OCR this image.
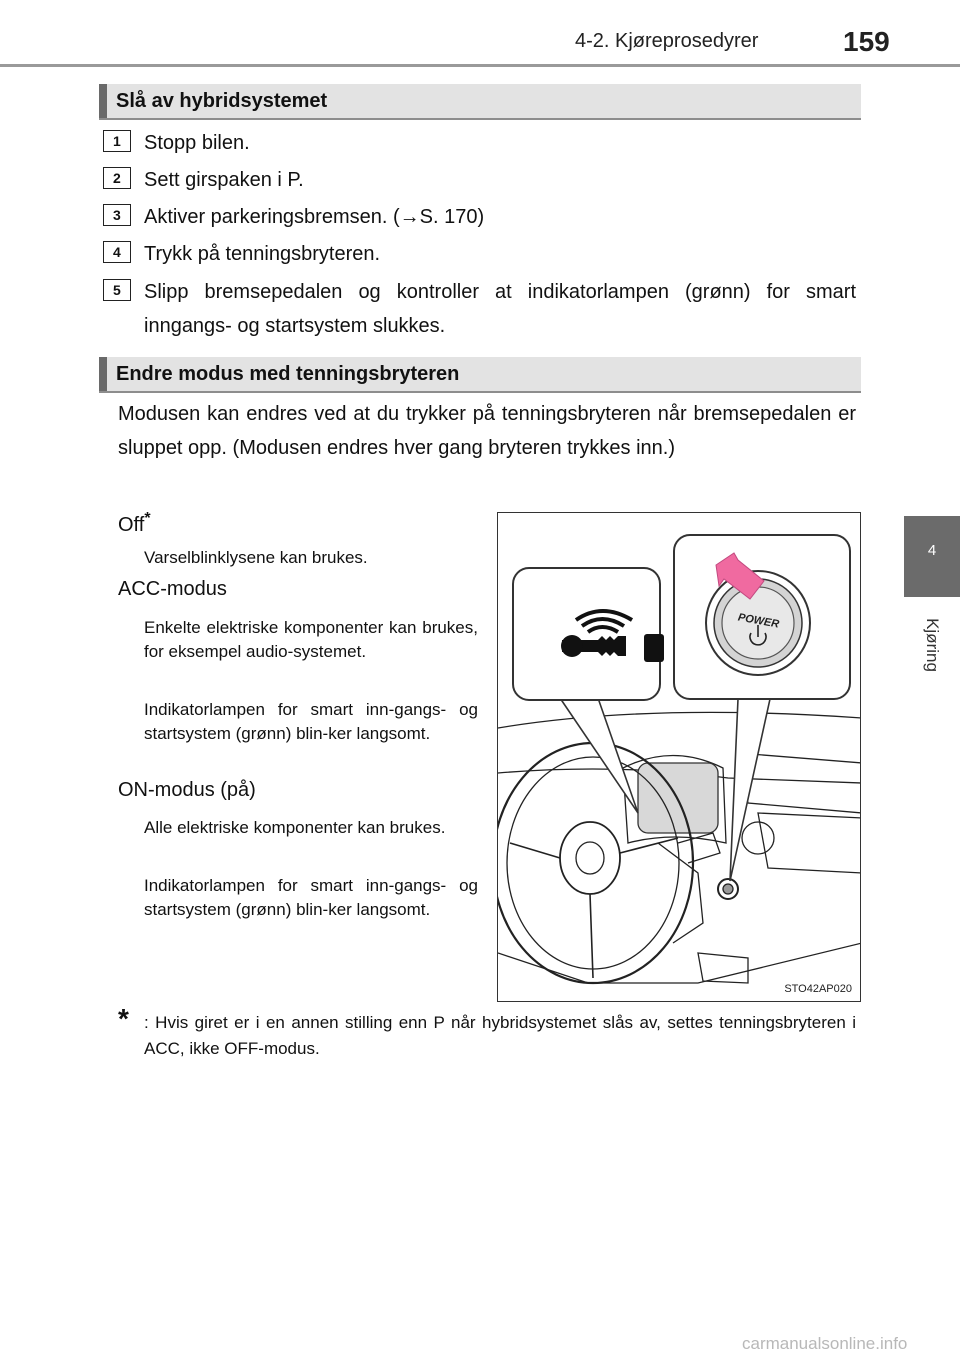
4-2. Kjøreprosedyrer	159
4
Kjøring
Slå av hybridsystemet
1	Stopp bilen.
2	Sett girspaken i P.
3	Aktiver parkeringsbremsen. (→S. 170)
4	Trykk på tenningsbryteren.
5	Slipp bremsepedalen og kontroller at indikatorlampen (grønn) for smart inngangs- og startsystem slukkes.
Endre modus med tenningsbryteren
Modusen kan endres ved at du trykker på tenningsbryteren når bremsepedalen er sluppet opp. (Modusen endres hver gang bryteren trykkes inn.)
Off*
Varselblinklysene kan brukes.
ACC-modus
Enkelte elektriske komponenter kan brukes, for eksempel audio-systemet.
Indikatorlampen for smart inn-gangs- og startsystem (grønn) blin-ker langsomt.
ON-modus (på)
Alle elektriske komponenter kan brukes.
Indikatorlampen for smart inn-gangs- og startsystem (grønn) blin-ker langsomt.
POWER
STO42AP020
* : Hvis giret er i en annen stilling enn P når hybridsystemet slås av, settes tenningsbryteren i ACC, ikke OFF-modus.
carmanualsonline.info
